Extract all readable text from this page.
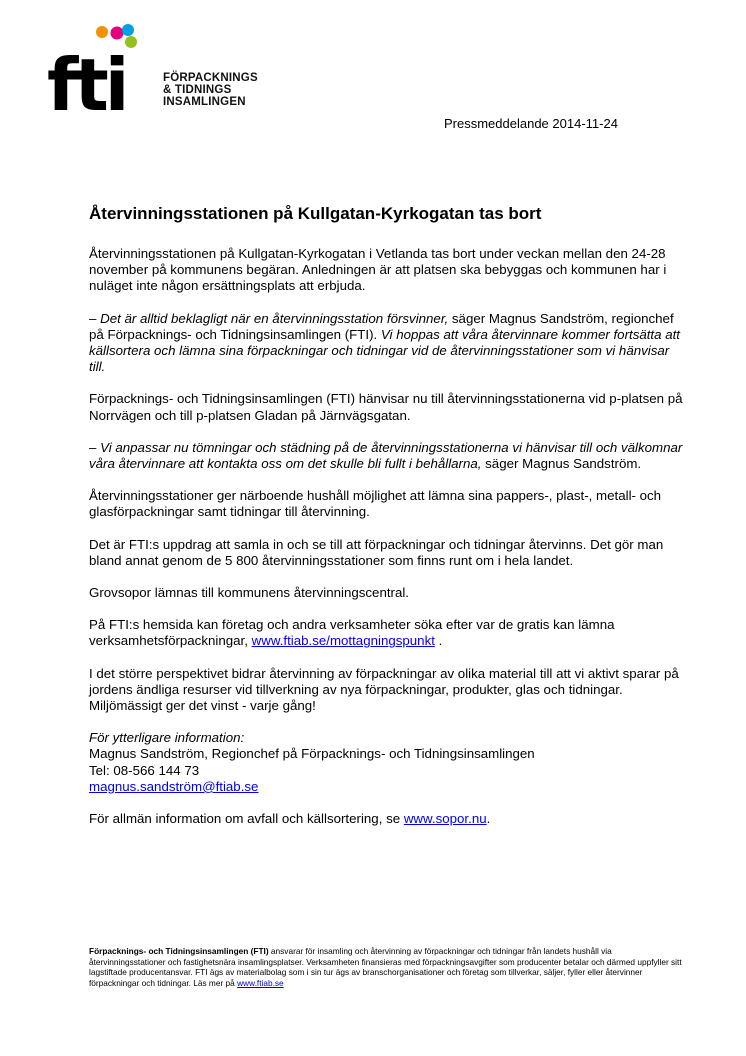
fti	FÖRPACKNINGS
& TIDNINGS
INSAMLINGEN
Pressmeddelande 2014-11-24
Återvinningsstationen på Kullgatan-Kyrkogatan tas bort

Återvinningsstationen på Kullgatan-Kyrkogatan i Vetlanda tas bort under veckan mellan den 24-28 november på kommunens begäran. Anledningen är att platsen ska bebyggas och kommunen har i nuläget inte någon ersättningsplats att erbjuda.

– Det är alltid beklagligt när en återvinningsstation försvinner, säger Magnus Sandström, regionchef på Förpacknings- och Tidningsinsamlingen (FTI). Vi hoppas att våra återvinnare kommer fortsätta att källsortera och lämna sina förpackningar och tidningar vid de återvinningsstationer som vi hänvisar till.

Förpacknings- och Tidningsinsamlingen (FTI) hänvisar nu till återvinningsstationerna vid p-platsen på Norrvägen och till p-platsen Gladan på Järnvägsgatan.

– Vi anpassar nu tömningar och städning på de återvinningsstationerna vi hänvisar till och välkomnar våra återvinnare att kontakta oss om det skulle bli fullt i behållarna, säger Magnus Sandström.

Återvinningsstationer ger närboende hushåll möjlighet att lämna sina pappers-, plast-, metall- och glasförpackningar samt tidningar till återvinning.

Det är FTI:s uppdrag att samla in och se till att förpackningar och tidningar återvinns. Det gör man bland annat genom de 5 800 återvinningsstationer som finns runt om i hela landet.

Grovsopor lämnas till kommunens återvinningscentral.

På FTI:s hemsida kan företag och andra verksamheter söka efter var de gratis kan lämna verksamhetsförpackningar, www.ftiab.se/mottagningspunkt .

I det större perspektivet bidrar återvinning av förpackningar av olika material till att vi aktivt sparar på jordens ändliga resurser vid tillverkning av nya förpackningar, produkter, glas och tidningar. Miljömässigt ger det vinst - varje gång!

För ytterligare information:
Magnus Sandström, Regionchef på Förpacknings- och Tidningsinsamlingen
Tel: 08-566 144 73
magnus.sandström@ftiab.se

För allmän information om avfall och källsortering, se www.sopor.nu.

Förpacknings- och Tidningsinsamlingen (FTI) ansvarar för insamling och återvinning av förpackningar och tidningar från landets hushåll via återvinningsstationer och fastighetsnära insamlingsplatser. Verksamheten finansieras med förpackningsavgifter som producenter betalar och därmed uppfyller sitt lagstiftade producentansvar. FTI ägs av materialbolag som i sin tur ägs av branschorganisationer och företag som tillverkar, säljer, fyller eller återvinner förpackningar och tidningar. Läs mer på www.ftiab.se
